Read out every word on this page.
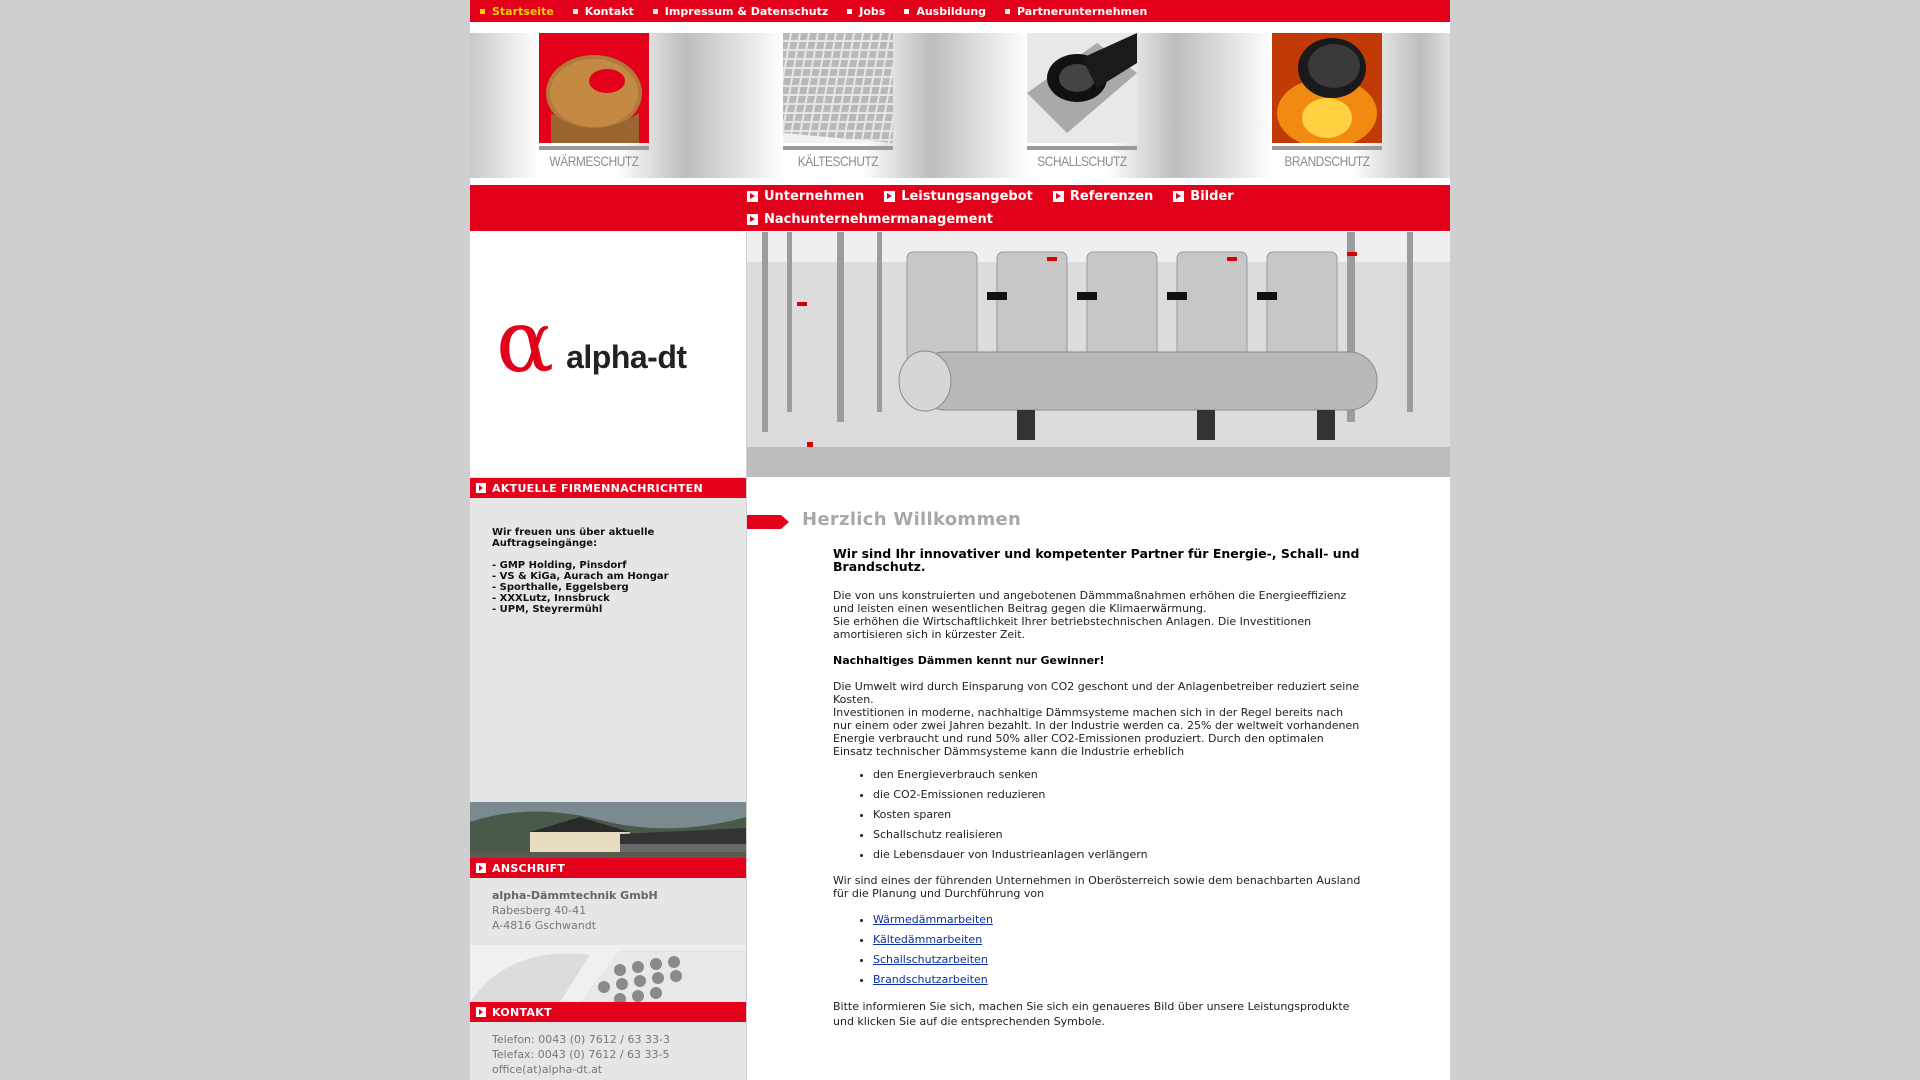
Startseite	Kontakt	Impressum & Datenschutz	Jobs	Ausbildung	Partnerunternehmen
WÄRMESCHUTZ	KÄLTESCHUTZ	SCHALLSCHUTZ	BRANDSCHUTZ
Unternehmen	Leistungsangebot	Referenzen	Bilder
Nachunternehmermanagement
α alpha-dt
AKTUELLE FIRMENNACHRICHTEN
Wir freuen uns über aktuelle Auftragseingänge:
- GMP Holding, Pinsdorf
- VS & KiGa, Aurach am Hongar
- Sporthalle, Eggelsberg
- XXXLutz, Innsbruck
- UPM, Steyrermühl
ANSCHRIFT
alpha-Dämmtechnik GmbH
Rabesberg 40-41
A-4816 Gschwandt
KONTAKT
Telefon: 0043 (0) 7612 / 63 33-3
Telefax: 0043 (0) 7612 / 63 33-5
office(at)alpha-dt.at
Herzlich Willkommen
Wir sind Ihr innovativer und kompetenter Partner für Energie-, Schall- und Brandschutz.

Die von uns konstruierten und angebotenen Dämmmaßnahmen erhöhen die Energieeffizienz und leisten einen wesentlichen Beitrag gegen die Klimaerwärmung.
Sie erhöhen die Wirtschaftlichkeit Ihrer betriebstechnischen Anlagen. Die Investitionen amortisieren sich in kürzester Zeit.

Nachhaltiges Dämmen kennt nur Gewinner!

Die Umwelt wird durch Einsparung von CO2 geschont und der Anlagenbetreiber reduziert seine Kosten.
Investitionen in moderne, nachhaltige Dämmsysteme machen sich in der Regel bereits nach nur einem oder zwei Jahren bezahlt. In der Industrie werden ca. 25% der weltweit vorhandenen Energie verbraucht und rund 50% aller CO2-Emissionen produziert. Durch den optimalen Einsatz technischer Dämmsysteme kann die Industrie erheblich

• den Energieverbrauch senken
• die CO2-Emissionen reduzieren
• Kosten sparen
• Schallschutz realisieren
• die Lebensdauer von Industrieanlagen verlängern

Wir sind eines der führenden Unternehmen in Oberösterreich sowie dem benachbarten Ausland für die Planung und Durchführung von

• Wärmedämmarbeiten
• Kältedämmarbeiten
• Schallschutzarbeiten
• Brandschutzarbeiten

Bitte informieren Sie sich, machen Sie sich ein genaueres Bild über unsere Leistungsprodukte und klicken Sie auf die entsprechenden Symbole.
